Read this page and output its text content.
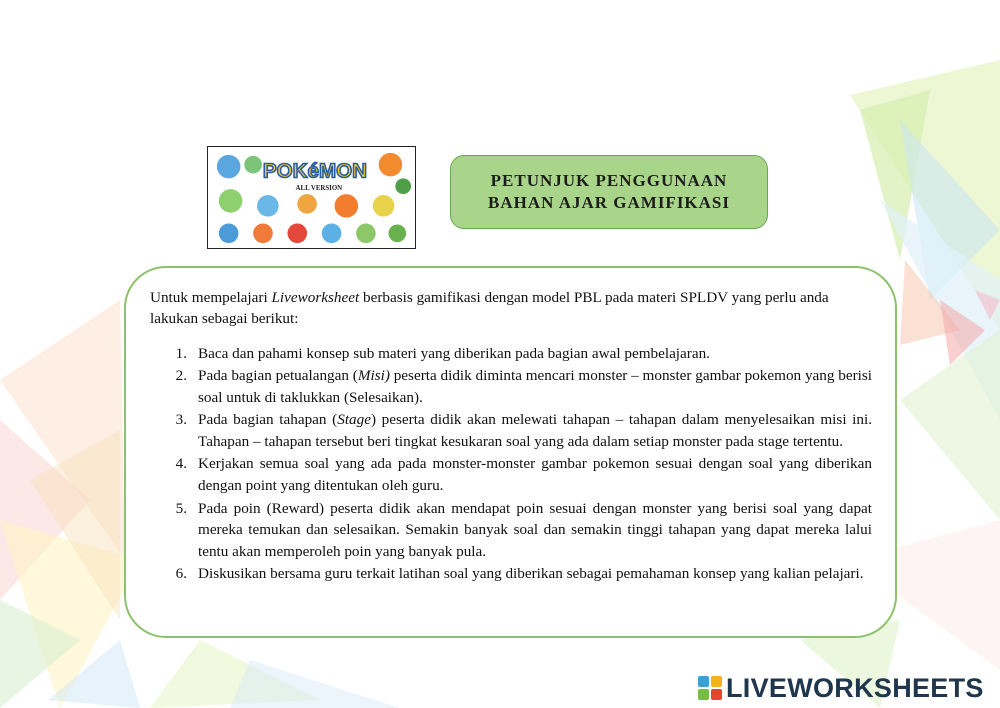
POKéMON
ALL VERSION	PETUNJUK PENGGUNAAN
BAHAN AJAR GAMIFIKASI

Untuk mempelajari Liveworksheet berbasis gamifikasi dengan model PBL pada materi SPLDV yang perlu anda lakukan sebagai berikut:

1. Baca dan pahami konsep sub materi yang diberikan pada bagian awal pembelajaran.
2. Pada bagian petualangan (Misi) peserta didik diminta mencari monster – monster gambar pokemon yang berisi soal untuk di taklukkan (Selesaikan).
3. Pada bagian tahapan (Stage) peserta didik akan melewati tahapan – tahapan dalam menyelesaikan misi ini. Tahapan – tahapan tersebut beri tingkat kesukaran soal yang ada dalam setiap monster pada stage tertentu.
4. Kerjakan semua soal yang ada pada monster-monster gambar pokemon sesuai dengan soal yang diberikan dengan point yang ditentukan oleh guru.
5. Pada poin (Reward) peserta didik akan mendapat poin sesuai dengan monster yang berisi soal yang dapat mereka temukan dan selesaikan. Semakin banyak soal dan semakin tinggi tahapan yang dapat mereka lalui tentu akan memperoleh poin yang banyak pula.
6. Diskusikan bersama guru terkait latihan soal yang diberikan sebagai pemahaman konsep yang kalian pelajari.
LIVEWORKSHEETS
